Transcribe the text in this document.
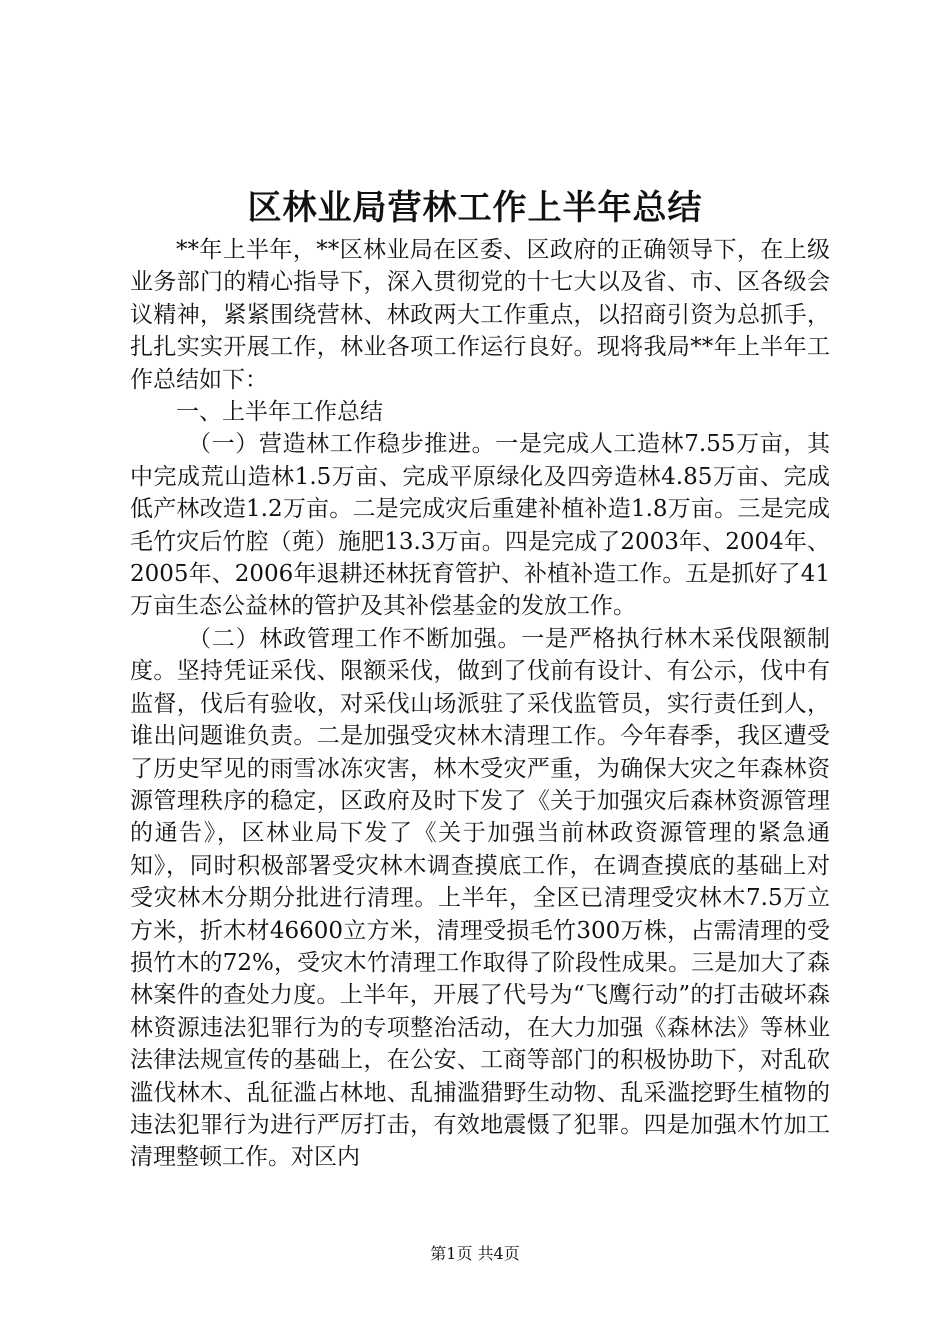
区林业局营林工作上半年总结

**年上半年，**区林业局在区委、区政府的正确领导下，在上级业务部门的精心指导下，深入贯彻党的十七大以及省、市、区各级会议精神，紧紧围绕营林、林政两大工作重点，以招商引资为总抓手，扎扎实实开展工作，林业各项工作运行良好。现将我局**年上半年工作总结如下：

一、上半年工作总结

（一）营造林工作稳步推进。一是完成人工造林7.55万亩，其中完成荒山造林1.5万亩、完成平原绿化及四旁造林4.85万亩、完成低产林改造1.2万亩。二是完成灾后重建补植补造1.8万亩。三是完成毛竹灾后竹腔（蔸）施肥13.3万亩。四是完成了2003年、2004年、2005年、2006年退耕还林抚育管护、补植补造工作。五是抓好了41万亩生态公益林的管护及其补偿基金的发放工作。

（二）林政管理工作不断加强。一是严格执行林木采伐限额制度。坚持凭证采伐、限额采伐，做到了伐前有设计、有公示，伐中有监督，伐后有验收，对采伐山场派驻了采伐监管员，实行责任到人，谁出问题谁负责。二是加强受灾林木清理工作。今年春季，我区遭受了历史罕见的雨雪冰冻灾害，林木受灾严重，为确保大灾之年森林资源管理秩序的稳定，区政府及时下发了《关于加强灾后森林资源管理的通告》，区林业局下发了《关于加强当前林政资源管理的紧急通知》，同时积极部署受灾林木调查摸底工作，在调查摸底的基础上对受灾林木分期分批进行清理。上半年，全区已清理受灾林木7.5万立方米，折木材46600立方米，清理受损毛竹300万株，占需清理的受损竹木的72%，受灾木竹清理工作取得了阶段性成果。三是加大了森林案件的查处力度。上半年，开展了代号为“飞鹰行动”的打击破坏森林资源违法犯罪行为的专项整治活动，在大力加强《森林法》等林业法律法规宣传的基础上，在公安、工商等部门的积极协助下，对乱砍滥伐林木、乱征滥占林地、乱捕滥猎野生动物、乱采滥挖野生植物的违法犯罪行为进行严厉打击，有效地震慑了犯罪。四是加强木竹加工清理整顿工作。对区内

第1页 共4页
